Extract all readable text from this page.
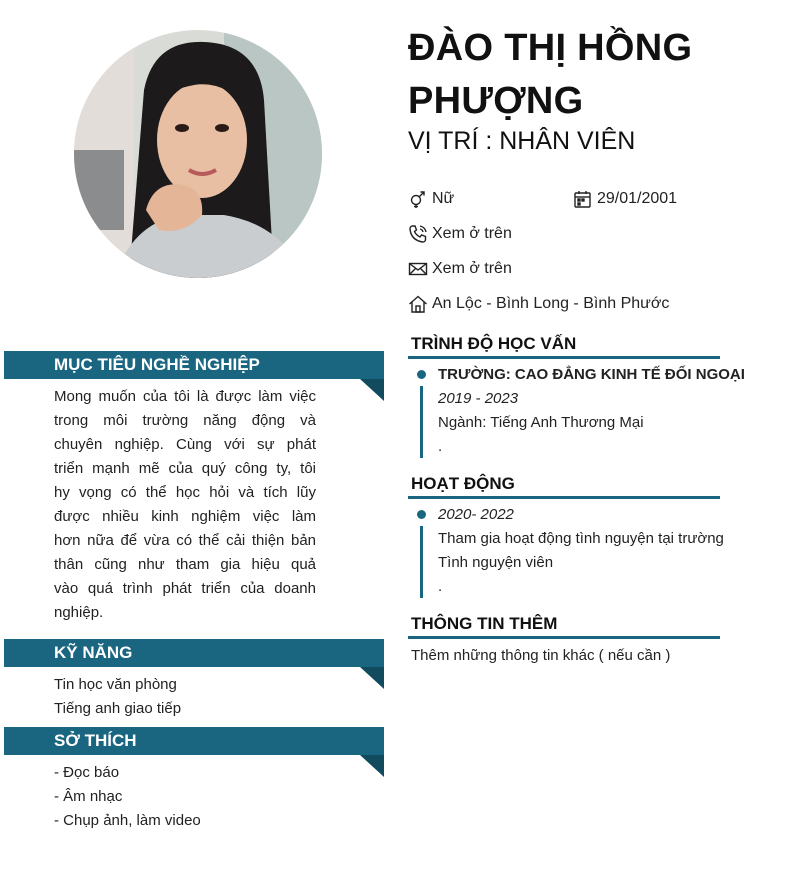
ĐÀO THỊ HỒNG PHƯỢNG
VỊ TRÍ : NHÂN VIÊN
Nữ	29/01/2001
Xem ở trên
Xem ở trên
An Lộc - Bình Long - Bình Phước
MỤC TIÊU NGHỀ NGHIỆP
Mong muốn của tôi là được làm việc
trong môi trường năng động và
chuyên nghiệp. Cùng với sự phát
triển mạnh mẽ của quý công ty, tôi
hy vọng có thể học hỏi và tích lũy
được nhiều kinh nghiệm việc làm
hơn nữa để vừa có thể cải thiện bản
thân cũng như tham gia hiệu quả
vào quá trình phát triển của doanh
nghiệp.
KỸ NĂNG
Tin học văn phòng
Tiếng anh giao tiếp
SỞ THÍCH
- Đọc báo
- Âm nhạc
- Chụp ảnh, làm video
TRÌNH ĐỘ HỌC VẤN
TRƯỜNG: CAO ĐẲNG KINH TẾ ĐỐI NGOẠI
2019 - 2023
Ngành: Tiếng Anh Thương Mại
.
HOẠT ĐỘNG
2020- 2022
Tham gia hoạt động tình nguyện tại trường
Tình nguyện viên
.
THÔNG TIN THÊM
Thêm những thông tin khác ( nếu cần )
